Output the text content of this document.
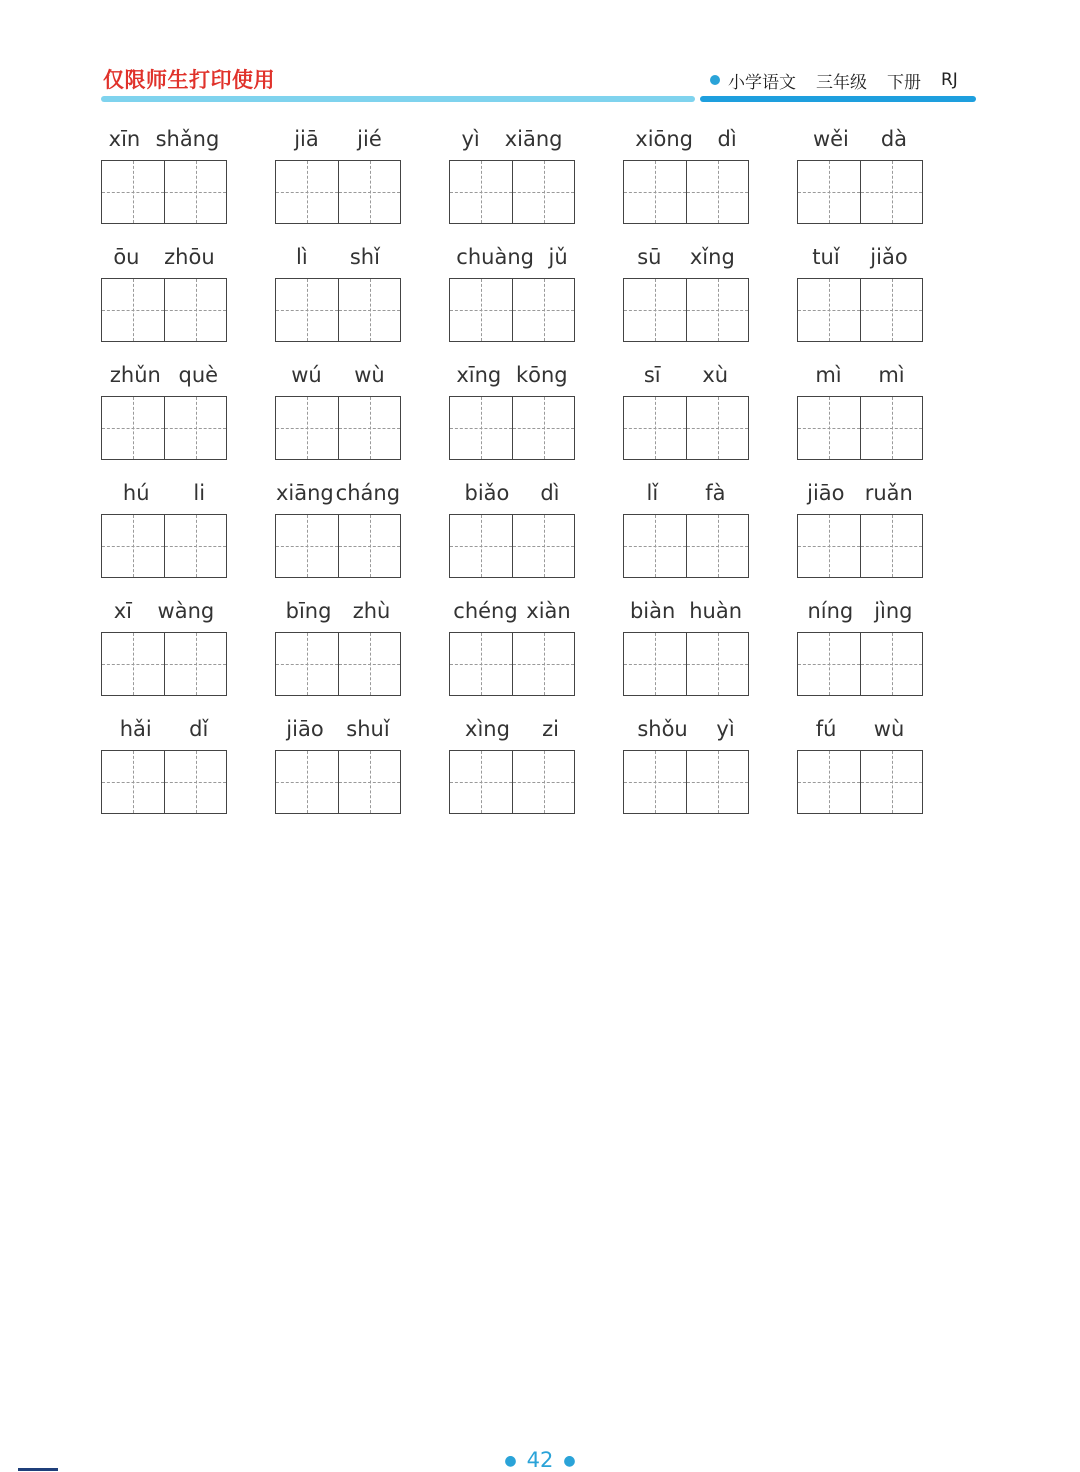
仅限师生打印使用	小学语文 三年级 下册 RJ
xīn shǎng	jiā jié	yì xiāng	xiōng dì	wěi dà
ōu zhōu	lì shǐ	chuàng jǔ	sū xǐng	tuǐ jiǎo
zhǔn què	wú wù	xīng kōng	sī xù	mì mì
hú li	xiāng cháng	biǎo dì	lǐ fà	jiāo ruǎn
xī wàng	bīng zhù	chéng xiàn	biàn huàn	níng jìng
hǎi dǐ	jiāo shuǐ	xìng zi	shǒu yì	fú wù
● 42 ●
